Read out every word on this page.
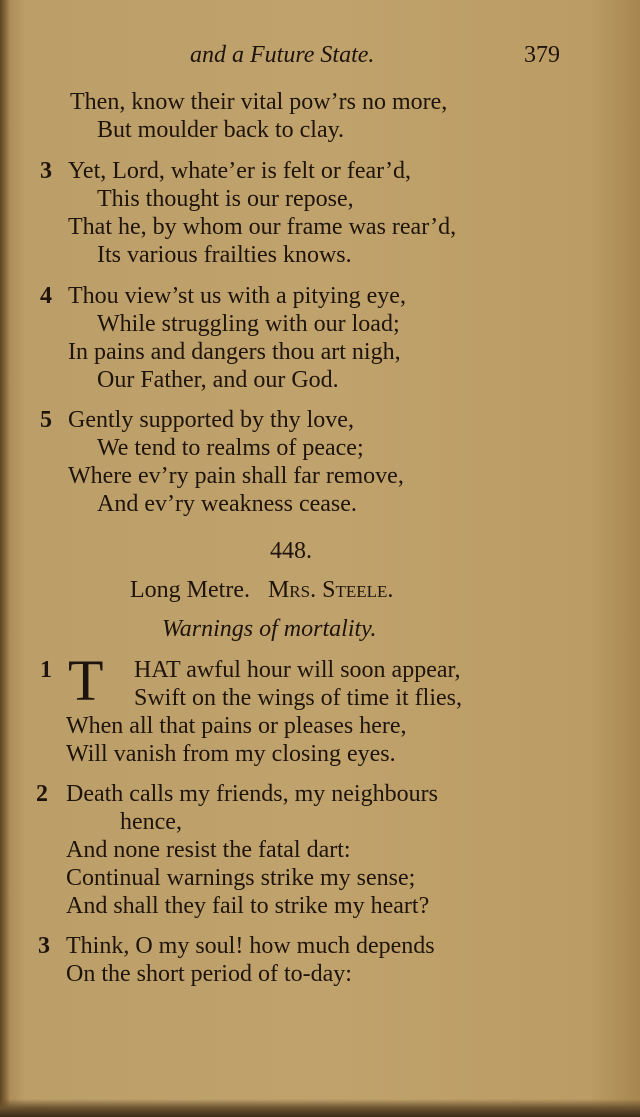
and a Future State.	379
Then, know their vital pow’rs no more,
But moulder back to clay.
3 Yet, Lord, whate’er is felt or fear’d,
This thought is our repose,
That he, by whom our frame was rear’d,
Its various frailties knows.
4 Thou view’st us with a pitying eye,
While struggling with our load;
In pains and dangers thou art nigh,
Our Father, and our God.
5 Gently supported by thy love,
We tend to realms of peace;
Where ev’ry pain shall far remove,
And ev’ry weakness cease.
448.
Long Metre. Mrs. Steele.
Warnings of mortality.
1 T HAT awful hour will soon appear,
Swift on the wings of time it flies,
When all that pains or pleases here,
Will vanish from my closing eyes.
2 Death calls my friends, my neighbours
hence,
And none resist the fatal dart:
Continual warnings strike my sense;
And shall they fail to strike my heart?
3 Think, O my soul! how much depends
On the short period of to-day:
